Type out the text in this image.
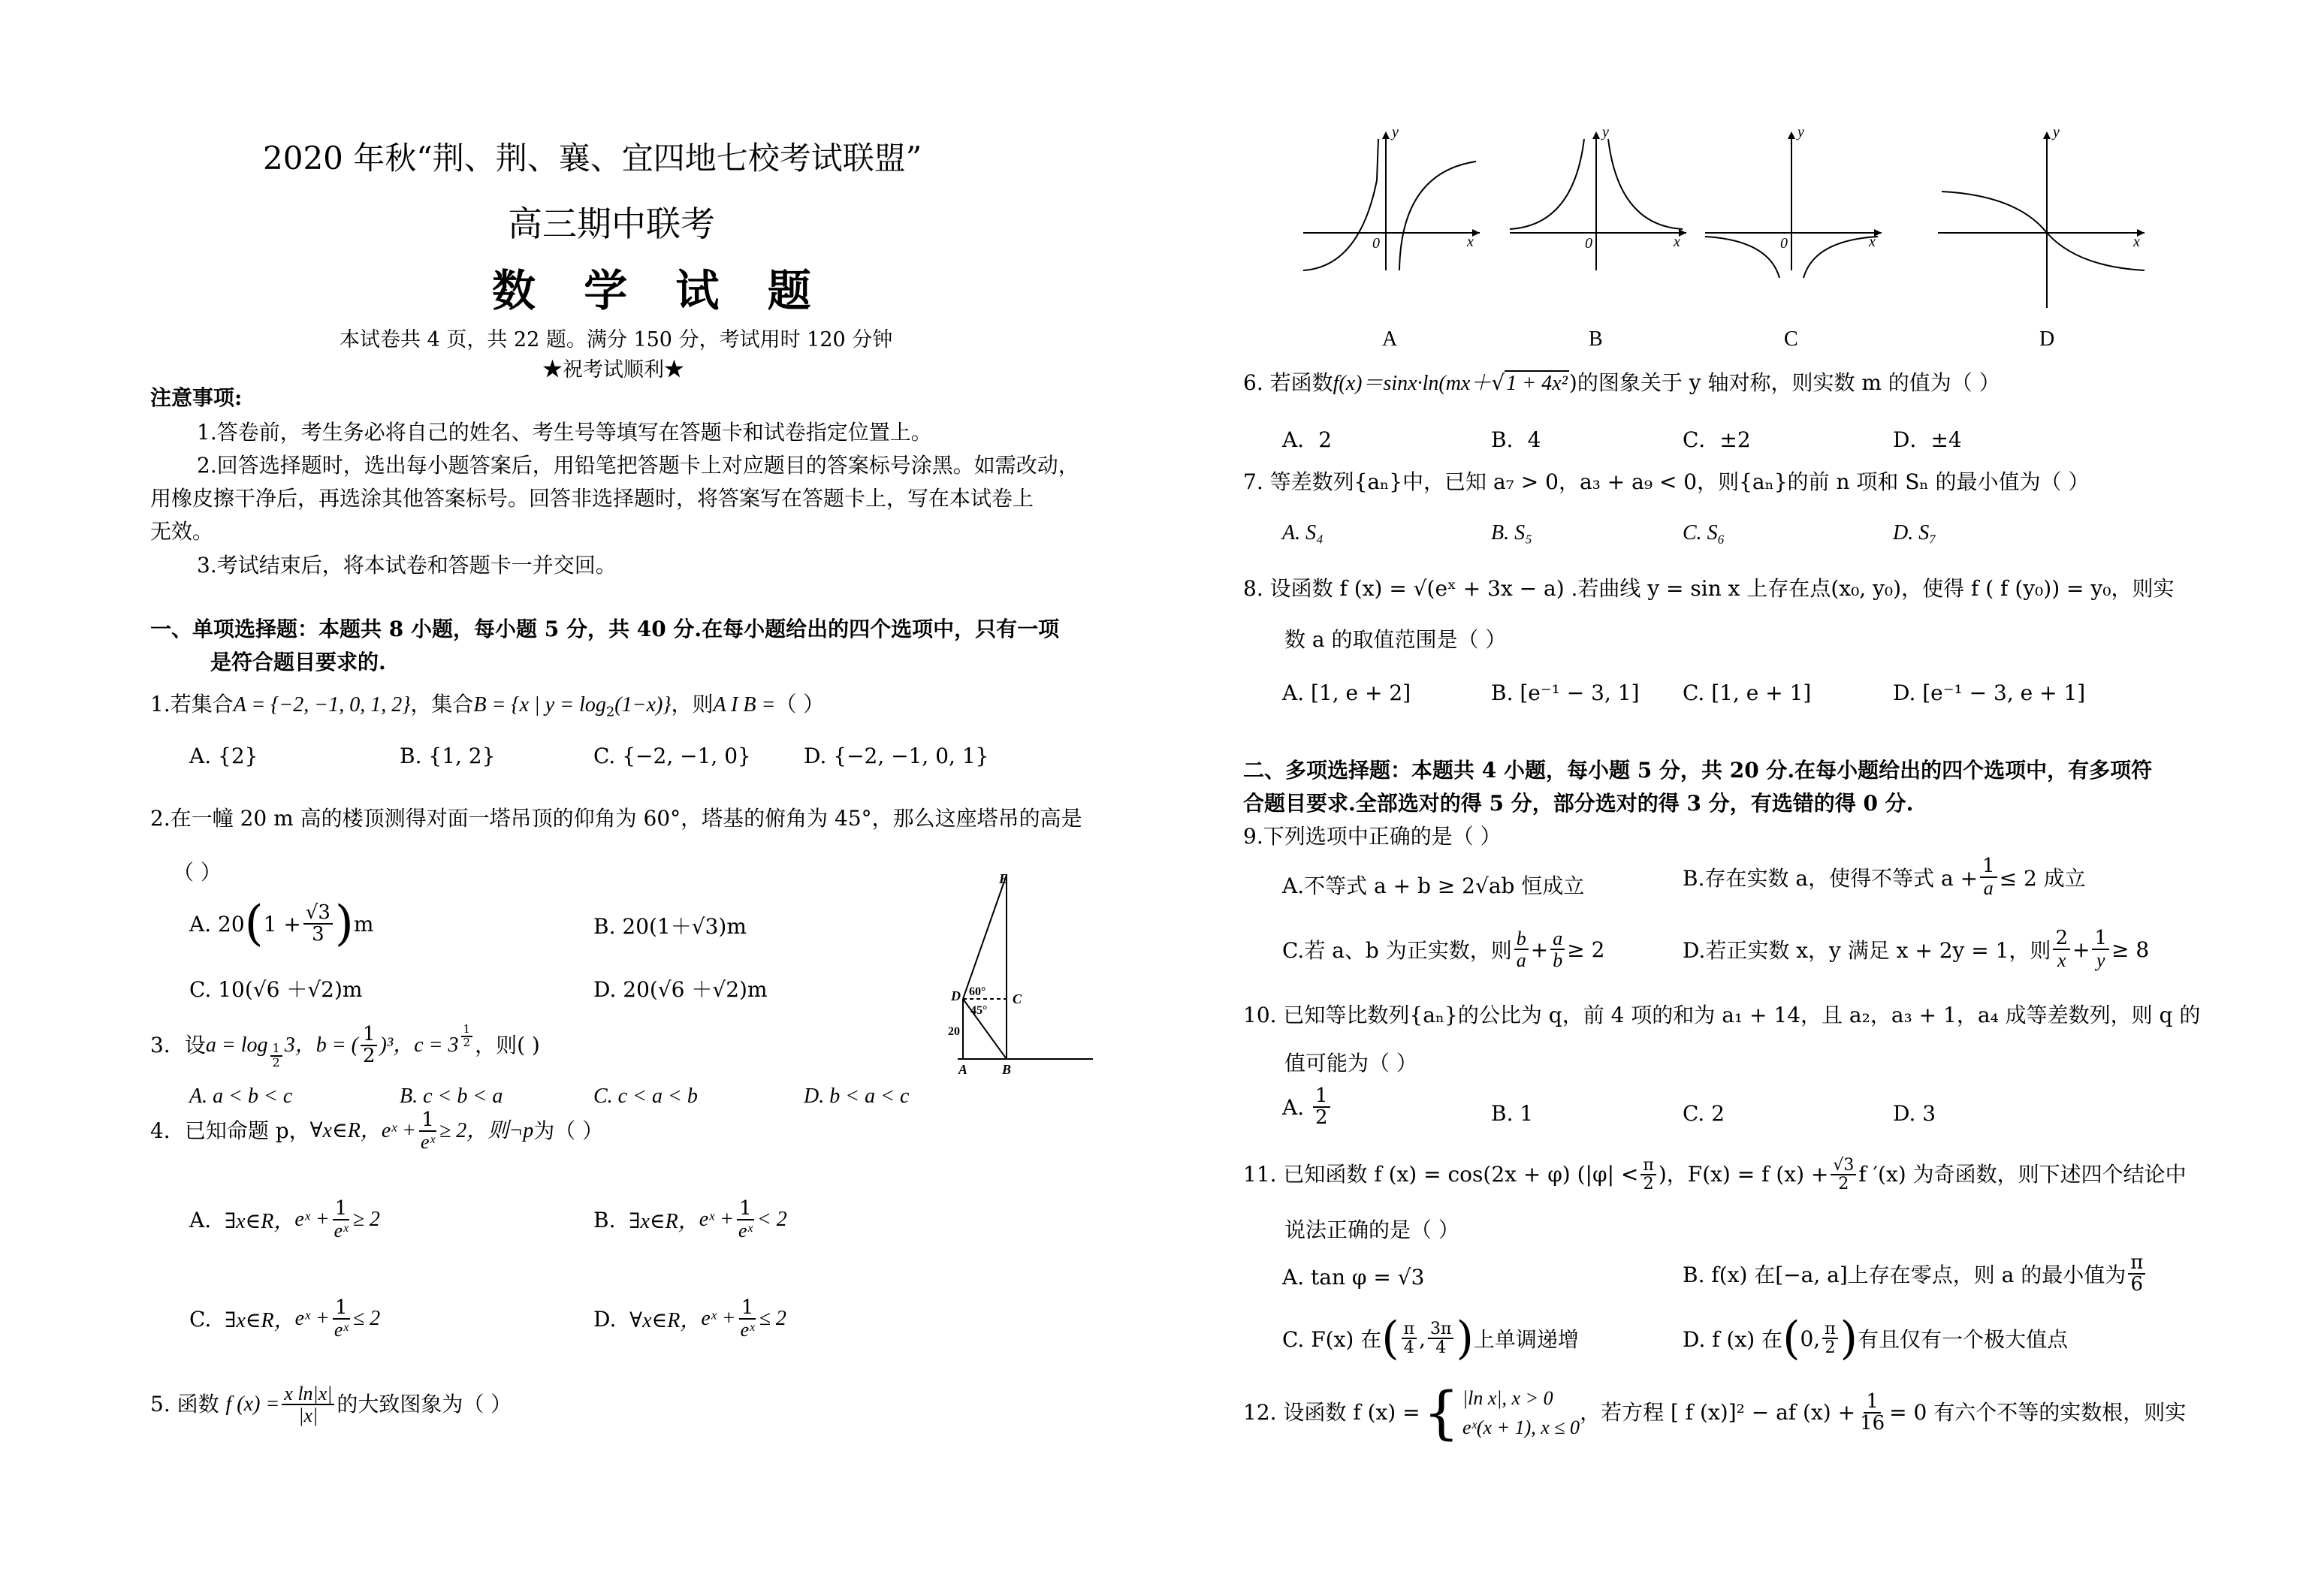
2020 年秋“荆、荆、襄、宜四地七校考试联盟”
高三期中联考
数 学 试 题
本试卷共 4 页，共 22 题。满分 150 分，考试用时 120 分钟
★祝考试顺利★
注意事项:
1.答卷前，考生务必将自己的姓名、考生号等填写在答题卡和试卷指定位置上。
2.回答选择题时，选出每小题答案后，用铅笔把答题卡上对应题目的答案标号涂黑。如需改动，
用橡皮擦干净后，再选涂其他答案标号。回答非选择题时，将答案写在答题卡上，写在本试卷上
无效。
3.考试结束后，将本试卷和答题卡一并交回。
一、单项选择题：本题共 8 小题，每小题 5 分，共 40 分.在每小题给出的四个选项中，只有一项
是符合题目要求的.
1.若集合A = {−2, −1, 0, 1, 2}，集合B = {x | $y = \log_2(1-x)$}，则A I B =（ ）
A. {2}	B. {1, 2}	C. {−2, −1, 0}	D. {−2, −1, 0, 1}
2.在一幢 20 m 高的楼顶测得对面一塔吊顶的仰角为 60°，塔基的俯角为 45°，那么这座塔吊的高是
（ ）
A. 20 ( $1 + \frac{√3}{3}$ ) m	B. 20(1＋√3)m
C. 10(√6 ＋√2)m	D. 20(√6 ＋√2)m
E
D	C
A	B
60°
45°
20
3．设 $a = \log \frac{1}{2} 3$， b = ( $\frac{1}{2} )^3$， $c = 3 \frac{1}{2}$ ，则( )
A. a < b < c	B. c < b < a	C. c < a < b	D. b < a < c
4．已知命题 p， ∀x∈R， eˣ + $\frac{1}{\text{eˣ}} \ge 2$，则 ¬p 为（ ）
A.
∃x∈R， eˣ + $\frac{1}{\text{eˣ}} \ge 2$	B.
∃x∈R， eˣ + $\frac{1}{\text{eˣ}} < 2$
C.
∃x∈R， eˣ + $\frac{1}{\text{eˣ}} \le 2$	D.
∀x∈R， eˣ + $\frac{1}{\text{eˣ}} \le 2$
5. 函数
f $(x) = \frac{\text{x ln|x|}}{|x|}$ 的大致图象为（ ）
y
x
0
y
x
0
y
x
0
y
x
A	B	C	D
6. 若函数f(x)＝sinx·ln(mx＋√1 + 4x²)的图象关于 y 轴对称，则实数 m 的值为（ ）
A．2	B．4	C．±2	D．±4
7. 等差数列{aₙ}中，已知 a₇ > 0，a₃ + a₉ < 0，则{aₙ}的前 n 项和 Sₙ 的最小值为（ ）
A. S₄	B. S₅	C. S₆	D. S₇
8. 设函数 f (x) = √(eˣ + 3x − a) .若曲线 y = sin x 上存在点(x₀, y₀)，使得 f ( f (y₀)) = y₀，则实
数 a 的取值范围是（ ）
A. [1, e + 2]	B. [e⁻¹ − 3, 1] C. [1, e + 1]	D. [e⁻¹ − 3, e + 1]
二、多项选择题：本题共 4 小题，每小题 5 分，共 20 分.在每小题给出的四个选项中，有多项符
合题目要求.全部选对的得 5 分，部分选对的得 3 分，有选错的得 0 分.
9.下列选项中正确的是（ ）
A.不等式 a + b ≥ 2√ab 恒成立	B.存在实数 a，使得不等式 $a + \frac{1}{a} \le 2$ 成立
C.若 a、b 为正实数，则 $\frac{b}{a} + \frac{a}{b} \ge 2$	D.若正实数 x，y 满足 x + 2y = 1，则 $\frac{2}{x} + \frac{1}{y} \ge 8$
10. 已知等比数列{aₙ}的公比为 q，前 4 项的和为 a₁ + 14，且 a₂，a₃ + 1，a₄ 成等差数列，则 q 的
值可能为（ ）
A.
$\frac{1}{2}$	B. 1	C. 2	D. 3
11. 已知函数 f (x) = cos(2x + φ) ($|\varphi| < \frac{\pi}{2}$ )，F(x) = f $(x) + \frac{√3}{2}$ f ′(x) 为奇函数，则下述四个结论中
说法正确的是（ ）
A. tan φ = √3	B. f(x) 在[−a, a]上存在零点，则 a 的最小值为 $\frac{\pi}{6}$
C. F(x) 在 ( $\frac{\pi}{4}$ , $\frac{3\pi}{4}$ ) 上单调递增	D. f (x) 在 ( 0, $\frac{\pi}{2}$ ) 有且仅有一个极大值点
12. 设函数 f (x) = { |ln x|, x > 0
eˣ(x + 1), x ≤ 0
，若方程 [ f (x)]² − af $(x) + \frac{1}{16} = 0$ 有六个不等的实数根，则实
